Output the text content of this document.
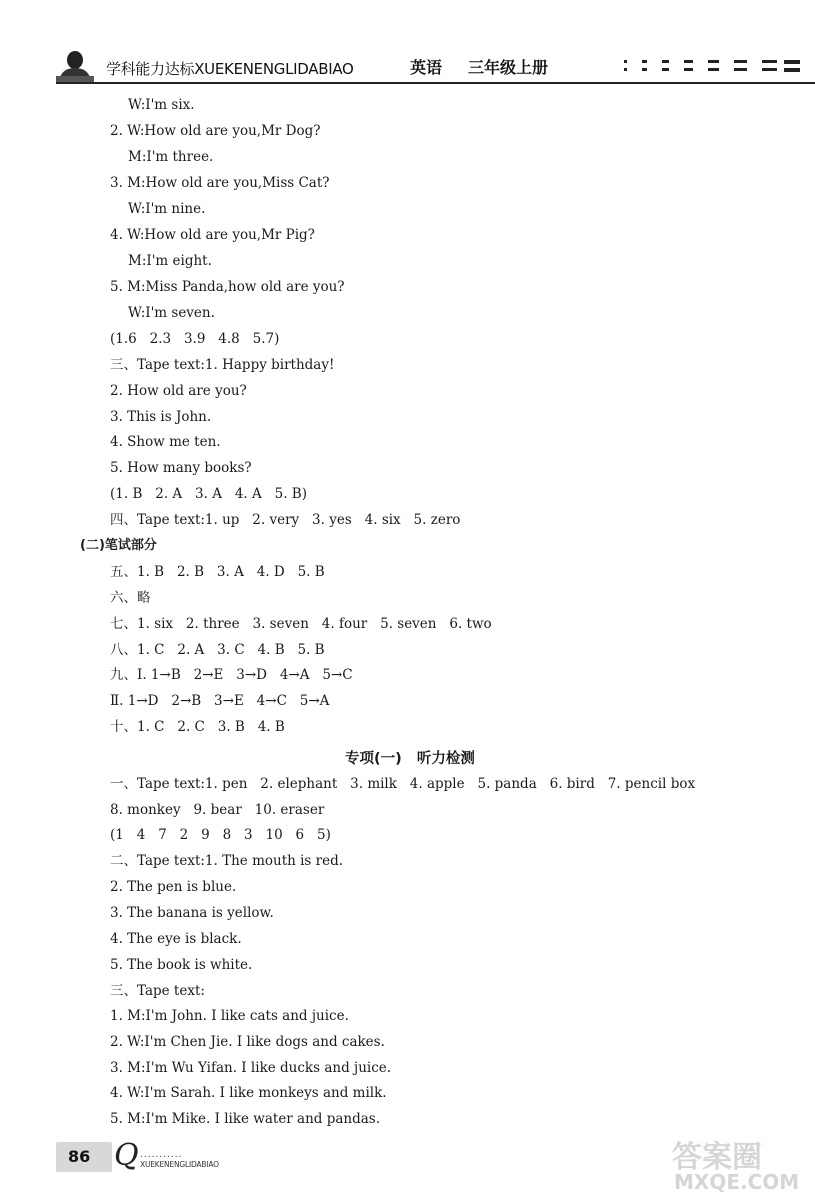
学科能力达标XUEKENENGLIDABIAO	英语 三年级上册
W:I'm six.
2. W:How old are you,Mr Dog?
M:I'm three.
3. M:How old are you,Miss Cat?
W:I'm nine.
4. W:How old are you,Mr Pig?
M:I'm eight.
5. M:Miss Panda,how old are you?
W:I'm seven.
(1.6   2.3   3.9   4.8   5.7)
三、Tape text:1. Happy birthday!
2. How old are you?
3. This is John.
4. Show me ten.
5. How many books?
(1. B   2. A   3. A   4. A   5. B)
四、Tape text:1. up   2. very   3. yes   4. six   5. zero
(二)笔试部分
五、1. B   2. B   3. A   4. D   5. B
六、略
七、1. six   2. three   3. seven   4. four   5. seven   6. two
八、1. C   2. A   3. C   4. B   5. B
九、Ⅰ. 1→B   2→E   3→D   4→A   5→C
Ⅱ. 1→D   2→B   3→E   4→C   5→A
十、1. C   2. C   3. B   4. B
专项(一)   听力检测
一、Tape text:1. pen   2. elephant   3. milk   4. apple   5. panda   6. bird   7. pencil box
8. monkey   9. bear   10. eraser
(1   4   7   2   9   8   3   10   6   5)
二、Tape text:1. The mouth is red.
2. The pen is blue.
3. The banana is yellow.
4. The eye is black.
5. The book is white.
三、Tape text:
1. M:I'm John. I like cats and juice.
2. W:I'm Chen Jie. I like dogs and cakes.
3. M:I'm Wu Yifan. I like ducks and juice.
4. W:I'm Sarah. I like monkeys and milk.
5. M:I'm Mike. I like water and pandas.
86 Q ...........
XUEKENENGLIDABIAO	答案圈
MXQE.COM
